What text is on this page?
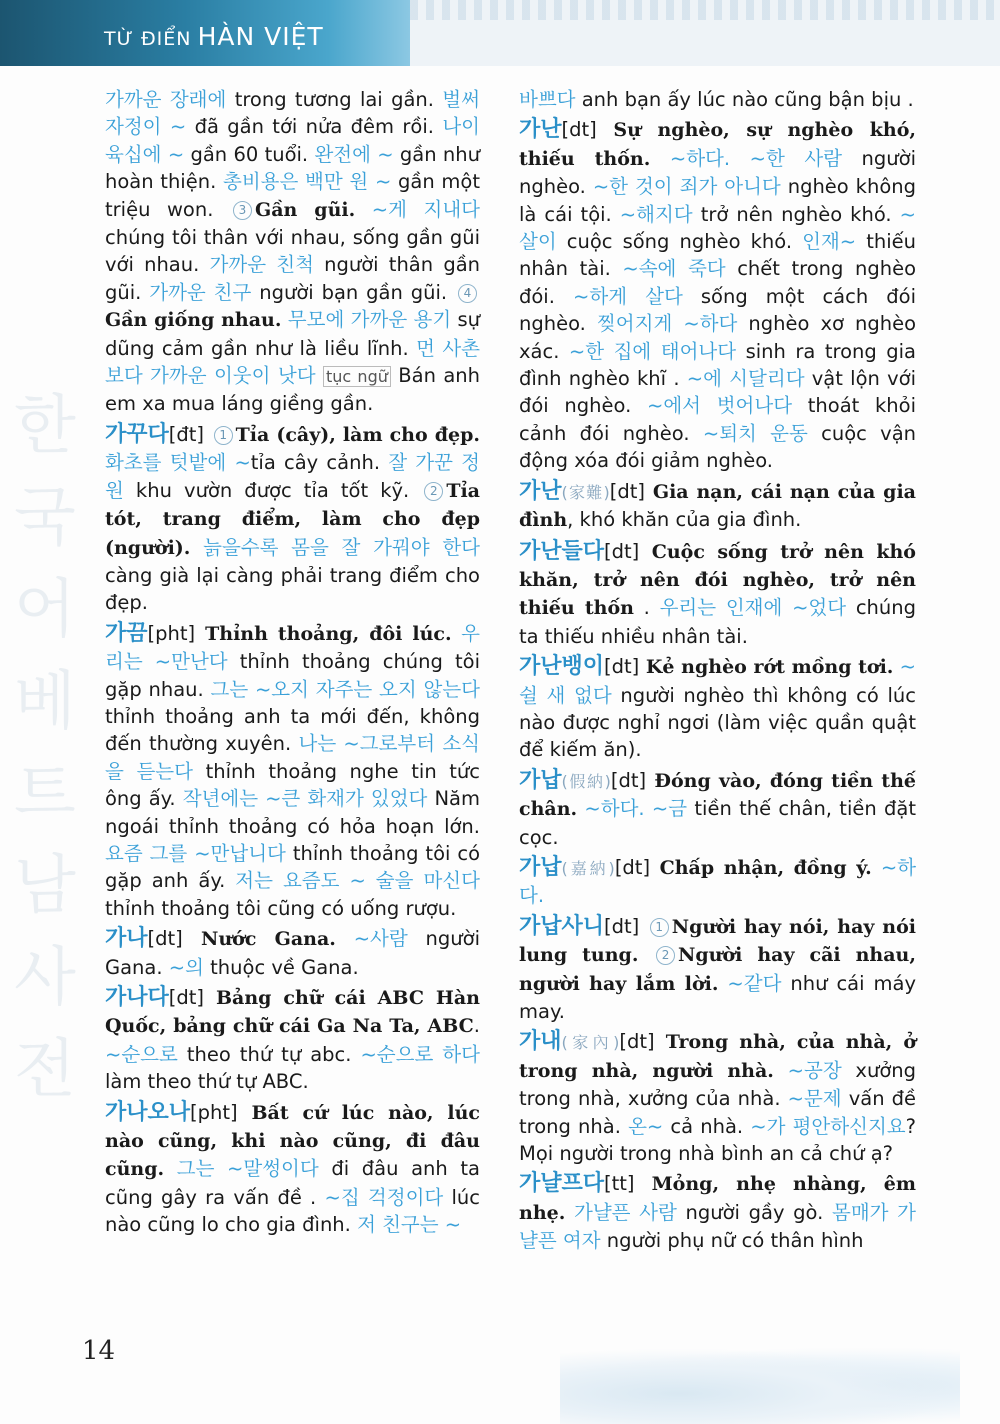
TỪ ĐIỂN HÀN VIỆT
한
국
어
베
트
남
사
전
가까운 장래에 trong tương lai gần. 벌써 자정이 ~ đã gần tới nửa đêm rồi. 나이 육십에 ~ gần 60 tuổi. 완전에 ~ gần như hoàn thiện. 총비용은 백만 원 ~ gần một triệu won. 3 Gần gũi. ~게 지내다 chúng tôi thân với nhau, sống gần gũi với nhau. 가까운 친척 người thân gần gũi. 가까운 친구 người bạn gần gũi. 4Gần giống nhau. 무모에 가까운 용기 sự dũng cảm gần như là liều lĩnh. 먼 사촌보다 가까운 이웃이 낫다 tục ngữ Bán anh em xa mua láng giềng gần.
가꾸다[đt] 1 Tỉa (cây), làm cho đẹp. 화초를 텃밭에 ~tỉa cây cảnh. 잘 가꾼 정원 khu vườn được tỉa tốt kỹ. 2 Tỉa tót, trang điểm, làm cho đẹp (người). 늙을수록 몸을 잘 가꿔야 한다 càng già lại càng phải trang điểm cho đẹp.
가끔[pht] Thỉnh thoảng, đôi lúc. 우리는 ~만난다 thỉnh thoảng chúng tôi gặp nhau. 그는 ~오지 자주는 오지 않는다 thỉnh thoảng anh ta mới đến, không đến thường xuyên. 나는 ~그로부터 소식을 듣는다 thỉnh thoảng nghe tin tức ông ấy. 작년에는 ~큰 화재가 있었다 Năm ngoái thỉnh thoảng có hỏa hoạn lớn. 요즘 그를 ~만납니다 thỉnh thoảng tôi có gặp anh ấy. 저는 요즘도 ~ 술을 마신다 thỉnh thoảng tôi cũng có uống rượu.
가나[dt] Nước Gana. ~사람 người Gana. ~의 thuộc về Gana.
가나다[dt] Bảng chữ cái ABC Hàn Quốc, bảng chữ cái Ga Na Ta, ABC. ~순으로 theo thứ tự abc. ~순으로 하다 làm theo thứ tự ABC.
가나오나[pht] Bất cứ lúc nào, lúc nào cũng, khi nào cũng, đi đâu cũng. 그는 ~말썽이다 đi đâu anh ta cũng gây ra vấn đề . ~집 걱정이다 lúc nào cũng lo cho gia đình. 저 친구는 ~
바쁘다 anh bạn ấy lúc nào cũng bận bịu .
가난[dt] Sự nghèo, sự nghèo khó, thiếu thốn. ~하다. ~한 사람 người nghèo. ~한 것이 죄가 아니다 nghèo không là cái tội. ~해지다 trở nên nghèo khó. ~살이 cuộc sống nghèo khó. 인재~ thiếu nhân tài. ~속에 죽다 chết trong nghèo đói. ~하게 살다 sống một cách đói nghèo. 찢어지게 ~하다 nghèo xơ nghèo xác. ~한 집에 태어나다 sinh ra trong gia đình nghèo khĩ . ~에 시달리다 vật lộn với đói nghèo. ~에서 벗어나다 thoát khỏi cảnh đói nghèo. ~퇴치 운동 cuộc vận động xóa đói giảm nghèo.
가난(家難)[dt] Gia nạn, cái nạn của gia đình, khó khăn của gia đình.
가난들다[dt] Cuộc sống trở nên khó khăn, trở nên đói nghèo, trở nên thiếu thốn . 우리는 인재에 ~었다 chúng ta thiếu nhiều nhân tài.
가난뱅이[dt] Kẻ nghèo rớt mồng tơi. ~쉴 새 없다 người nghèo thì không có lúc nào được nghỉ ngơi (làm việc quần quật để kiếm ăn).
가납(假納)[dt] Đóng vào, đóng tiền thế chân. ~하다. ~금 tiền thế chân, tiền đặt cọc.
가납(嘉納)[dt] Chấp nhận, đồng ý. ~하다.
가납사니[dt] 1 Người hay nói, hay nói lung tung. 2 Người hay cãi nhau, người hay lắm lời. ~같다 như cái máy may.
가내(家內)[dt] Trong nhà, của nhà, ở trong nhà, người nhà. ~공장 xưởng trong nhà, xưởng của nhà. ~문제 vấn đề trong nhà. 온~ cả nhà. ~가 평안하신지요? Mọi người trong nhà bình an cả chứ ạ?
가냘프다[tt] Mỏng, nhẹ nhàng, êm nhẹ. 가냘픈 사람 người gầy gò. 몸매가 가냘픈 여자 người phụ nữ có thân hình
14
